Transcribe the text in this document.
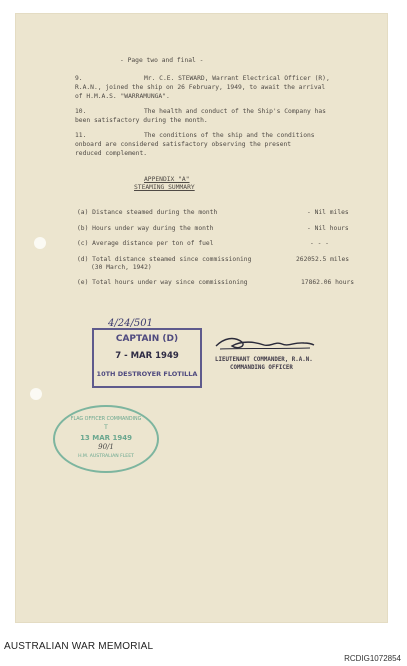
- Page two and final -
9.	Mr. C.E. STEWARD, Warrant Electrical Officer (R),
R.A.N., joined the ship on 26 February, 1949, to await the arrival
of H.M.A.S. "WARRAMUNGA".
10.	The health and conduct of the Ship's Company has
been satisfactory during the month.
11.	The conditions of the ship and the conditions
onboard are considered satisfactory observing the present
reduced complement.
APPENDIX "A"
STEAMING SUMMARY
(a) Distance steamed during the month	- Nil miles
(b) Hours under way during the month	- Nil hours
(c) Average distance per ton of fuel	- - -
(d) Total distance steamed since commissioning	262052.5 miles
(30 March, 1942)
(e) Total hours under way since commissioning	17862.06 hours
4/24/501
CAPTAIN (D)
7 - MAR 1949
10TH DESTROYER FLOTILLA
LIEUTENANT COMMANDER, R.A.N.
COMMANDING OFFICER
FLAG OFFICER COMMANDING
T
13 MAR 1949
90/1
H.M. AUSTRALIAN FLEET
AUSTRALIAN WAR MEMORIAL
RCDIG1072854
